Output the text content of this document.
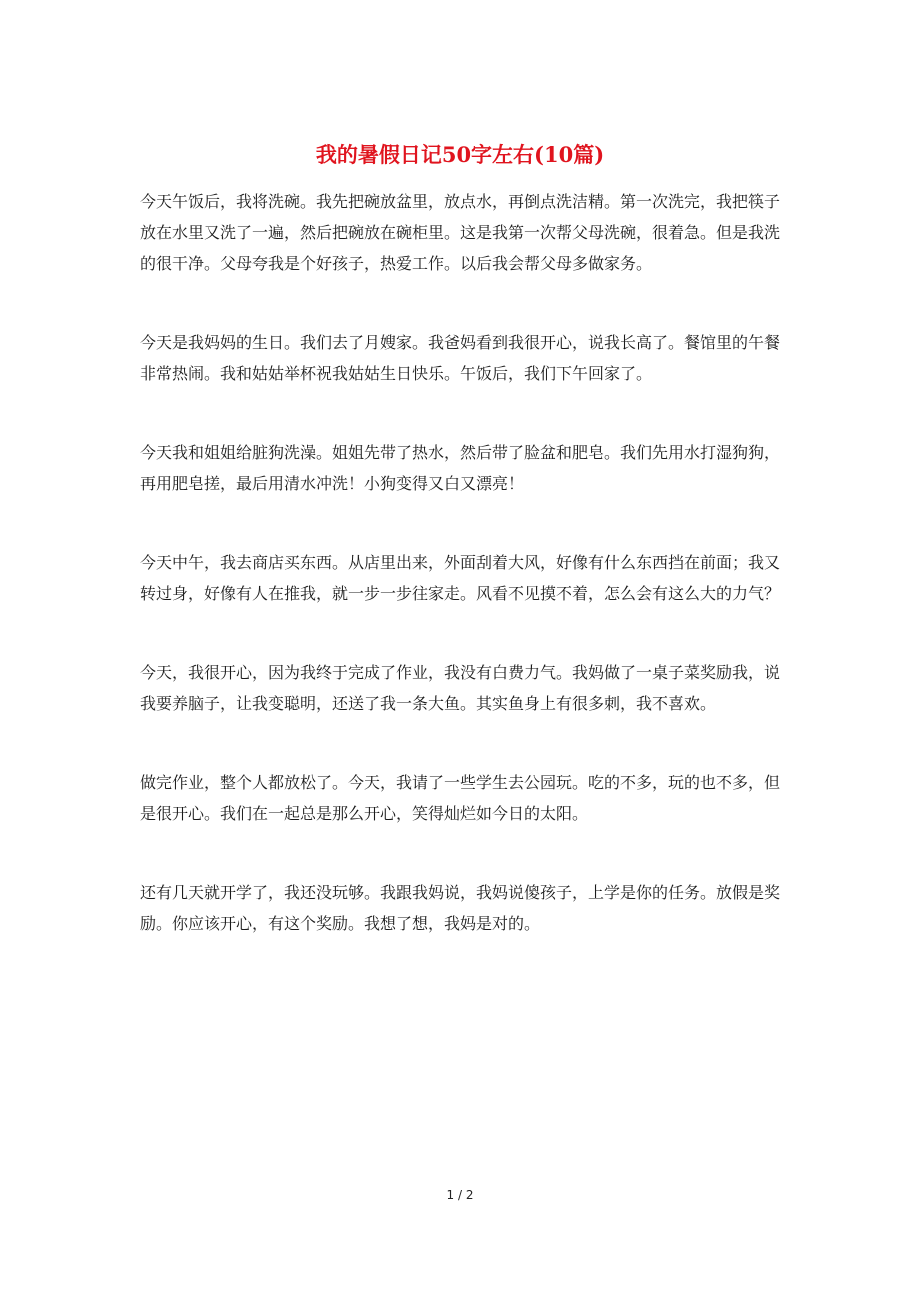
我的暑假日记50字左右(10篇)

今天午饭后，我将洗碗。我先把碗放盆里，放点水，再倒点洗洁精。第一次洗完，我把筷子放在水里又洗了一遍，然后把碗放在碗柜里。这是我第一次帮父母洗碗，很着急。但是我洗的很干净。父母夸我是个好孩子，热爱工作。以后我会帮父母多做家务。

今天是我妈妈的生日。我们去了月嫂家。我爸妈看到我很开心，说我长高了。餐馆里的午餐非常热闹。我和姑姑举杯祝我姑姑生日快乐。午饭后，我们下午回家了。

今天我和姐姐给脏狗洗澡。姐姐先带了热水，然后带了脸盆和肥皂。我们先用水打湿狗狗，再用肥皂搓，最后用清水冲洗！小狗变得又白又漂亮！

今天中午，我去商店买东西。从店里出来，外面刮着大风，好像有什么东西挡在前面；我又转过身，好像有人在推我，就一步一步往家走。风看不见摸不着，怎么会有这么大的力气？

今天，我很开心，因为我终于完成了作业，我没有白费力气。我妈做了一桌子菜奖励我，说我要养脑子，让我变聪明，还送了我一条大鱼。其实鱼身上有很多刺，我不喜欢。

做完作业，整个人都放松了。今天，我请了一些学生去公园玩。吃的不多，玩的也不多，但是很开心。我们在一起总是那么开心，笑得灿烂如今日的太阳。

还有几天就开学了，我还没玩够。我跟我妈说，我妈说傻孩子，上学是你的任务。放假是奖励。你应该开心，有这个奖励。我想了想，我妈是对的。

1 / 2
